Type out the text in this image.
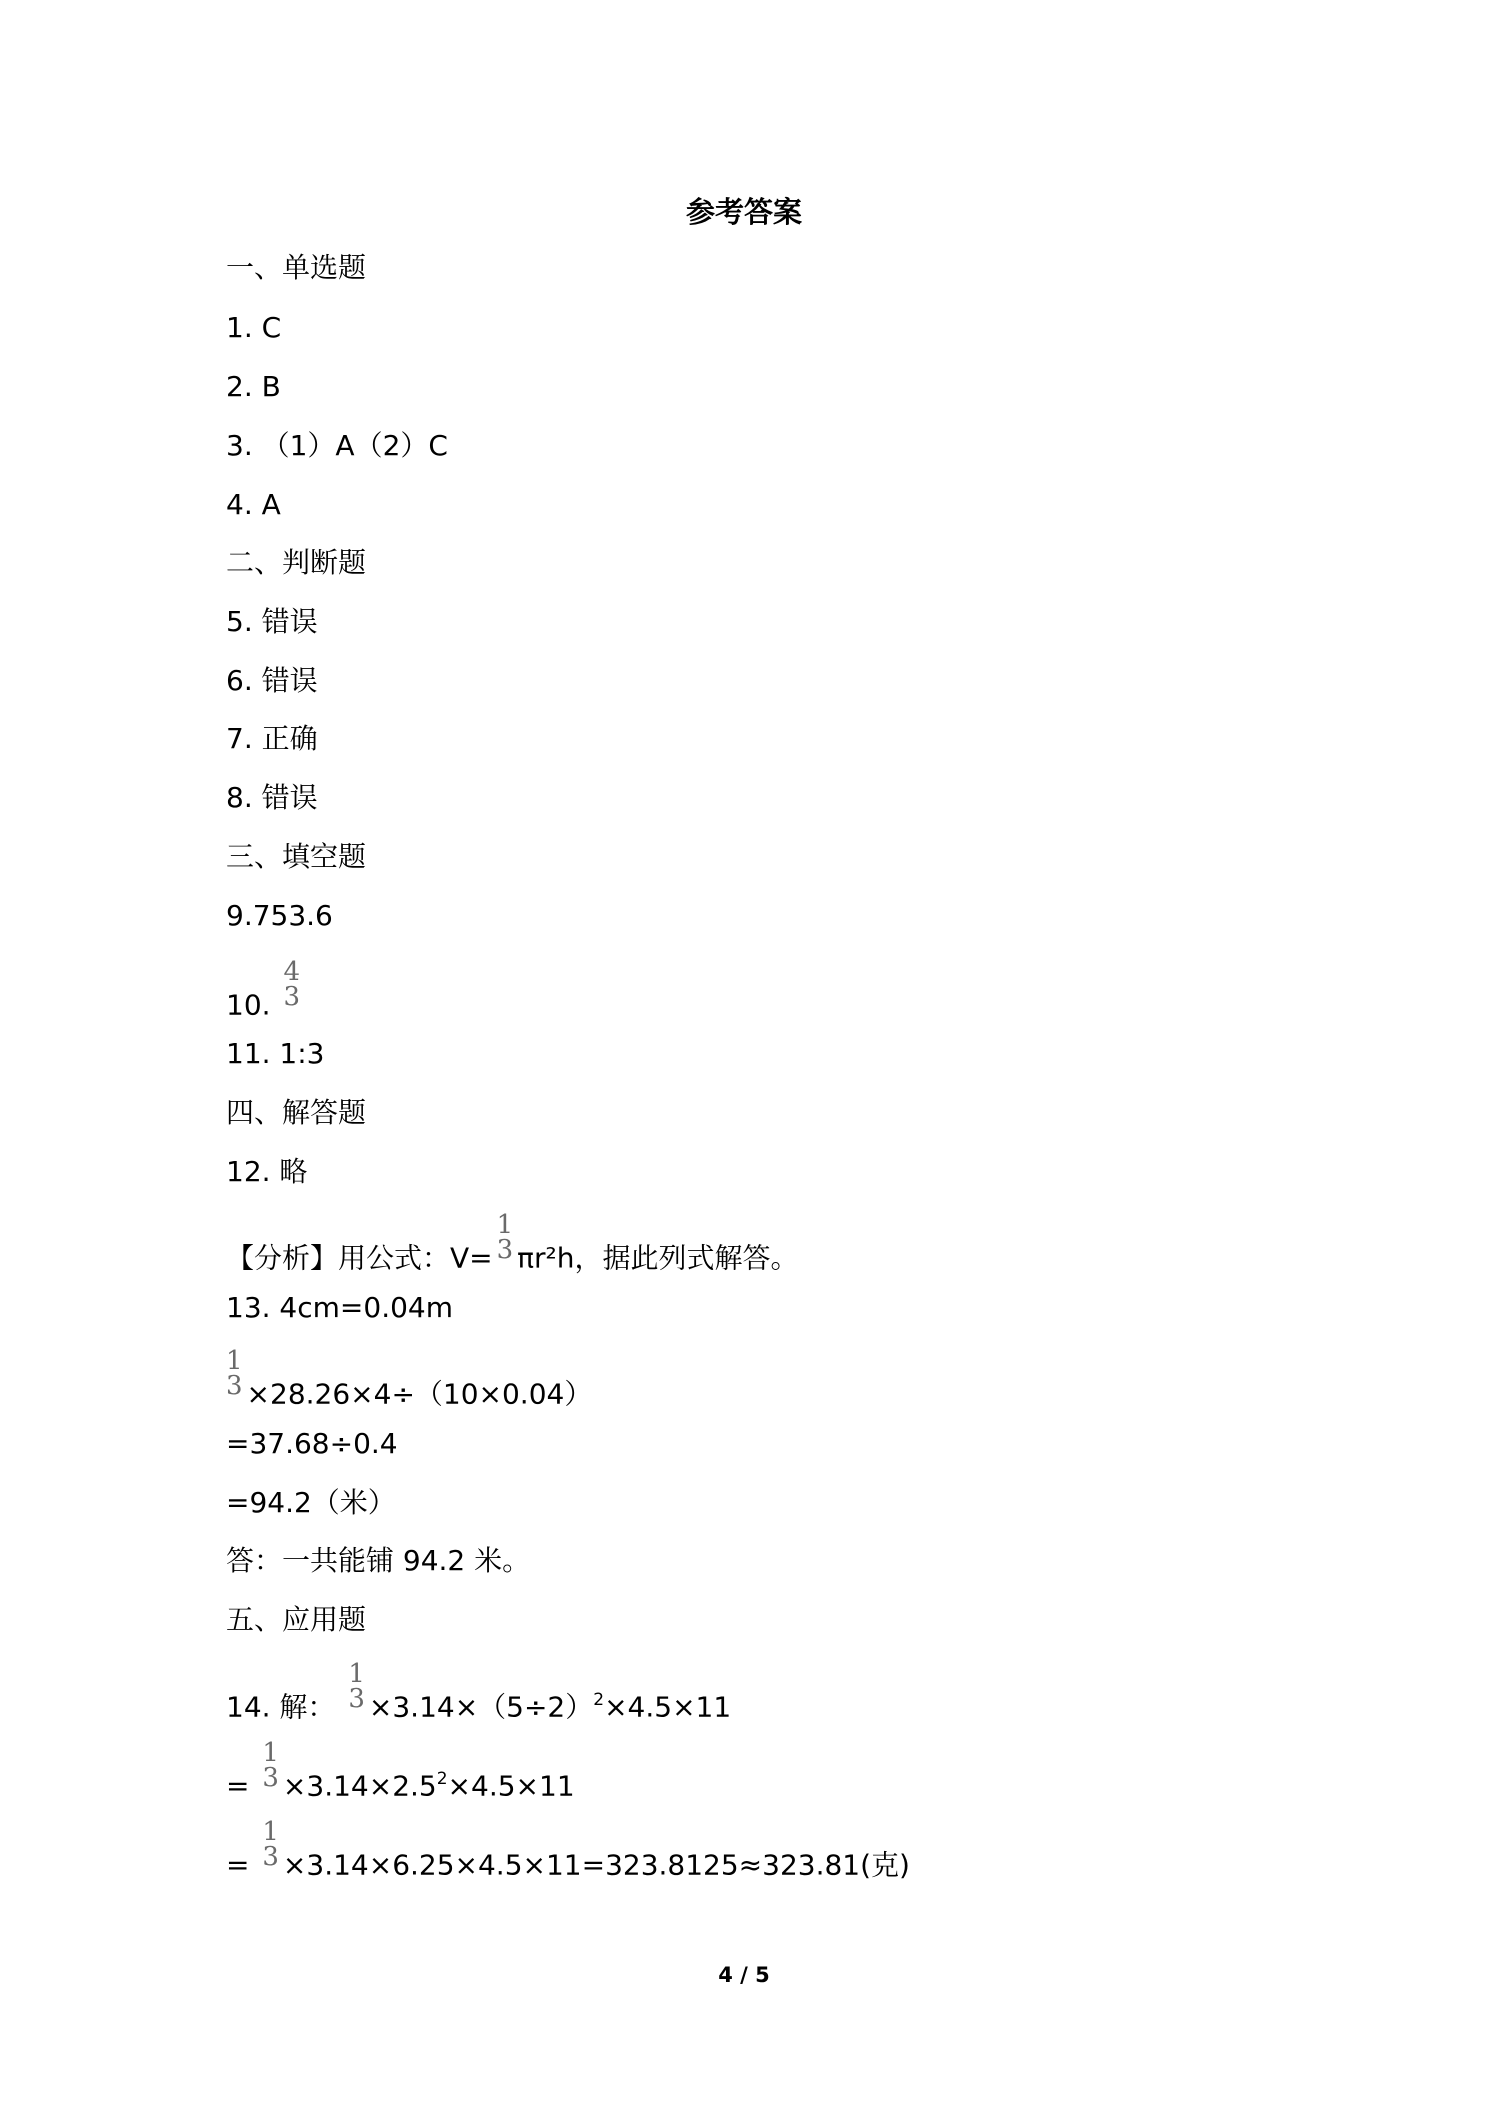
参考答案
一、单选题
1. C
2. B
3. （1）A（2）C
4. A
二、判断题
5. 错误
6. 错误
7. 正确
8. 错误
三、填空题
9.753.6
10.
4
3
11. 1:3
四、解答题
12. 略
【分析】用公式：V=
1
3 πr²h，据此列式解答。
13. 4cm=0.04m
1
3 ×28.26×4÷（10×0.04）
=37.68÷0.4
=94.2（米）
答：一共能铺 94.2 米。
五、应用题
14. 解：
1
$3 \times 3.14\times(5\div 2)^2\times 4.5\times 11$
=
1
$3 \times 3.14\times 2.5^2\times 4.5\times 11$
=
1
3 ×3.14×6.25×4.5×11=323.8125≈323.81(克)
4 / 5
